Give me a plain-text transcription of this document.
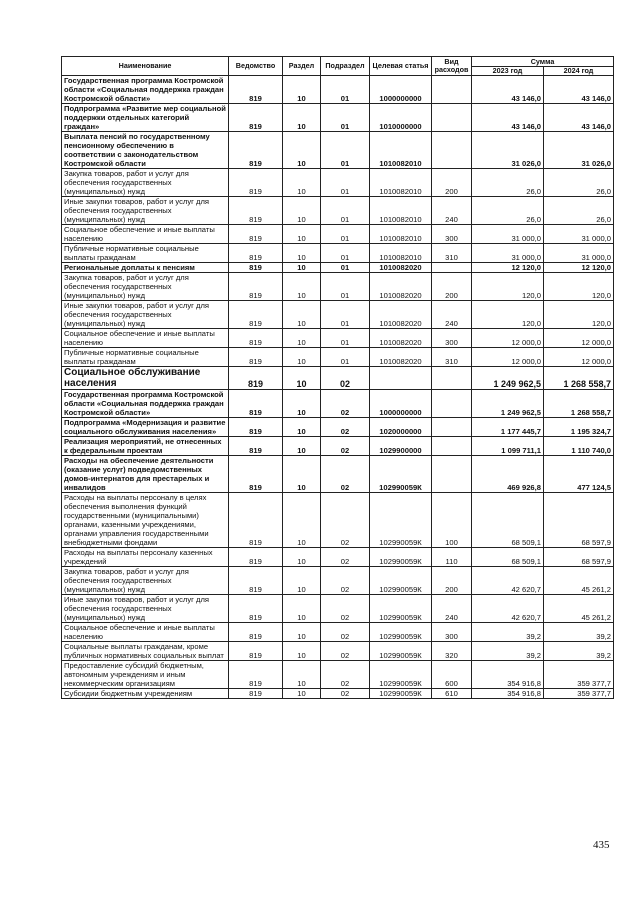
Наименование	Ведомство	Раздел	Подраздел	Целевая статья	Вид расходов	Сумма	
						2023 год	2024 год
Государственная программа Костромской области «Социальная поддержка граждан Костромской области»	819	10	01	1000000000		43 146,0	43 146,0
Подпрограмма «Развитие мер социальной поддержки отдельных категорий граждан»	819	10	01	1010000000		43 146,0	43 146,0
Выплата пенсий по государственному пенсионному обеспечению в соответствии с законодательством Костромской области	819	10	01	1010082010		31 026,0	31 026,0
Закупка товаров, работ и услуг для обеспечения государственных (муниципальных) нужд	819	10	01	1010082010	200	26,0	26,0
Иные закупки товаров, работ и услуг для обеспечения государственных (муниципальных) нужд	819	10	01	1010082010	240	26,0	26,0
Социальное обеспечение и иные выплаты населению	819	10	01	1010082010	300	31 000,0	31 000,0
Публичные нормативные социальные выплаты гражданам	819	10	01	1010082010	310	31 000,0	31 000,0
Региональные доплаты к пенсиям	819	10	01	1010082020		12 120,0	12 120,0
Закупка товаров, работ и услуг для обеспечения государственных (муниципальных) нужд	819	10	01	1010082020	200	120,0	120,0
Иные закупки товаров, работ и услуг для обеспечения государственных (муниципальных) нужд	819	10	01	1010082020	240	120,0	120,0
Социальное обеспечение и иные выплаты населению	819	10	01	1010082020	300	12 000,0	12 000,0
Публичные нормативные социальные выплаты гражданам	819	10	01	1010082020	310	12 000,0	12 000,0
Социальное обслуживание населения	819	10	02			1 249 962,5	1 268 558,7
Государственная программа Костромской области «Социальная поддержка граждан Костромской области»	819	10	02	1000000000		1 249 962,5	1 268 558,7
Подпрограмма «Модернизация и развитие социального обслуживания населения»	819	10	02	1020000000		1 177 445,7	1 195 324,7
Реализация мероприятий, не отнесенных к федеральным проектам	819	10	02	1029900000		1 099 711,1	1 110 740,0
Расходы на обеспечение деятельности (оказание услуг) подведомственных домов-интернатов для престарелых и инвалидов	819	10	02	102990059К		469 926,8	477 124,5
Расходы на выплаты персоналу в целях обеспечения выполнения функций государственными (муниципальными) органами, казенными учреждениями, органами управления государственными внебюджетными фондами	819	10	02	102990059К	100	68 509,1	68 597,9
Расходы на выплаты персоналу казенных учреждений	819	10	02	102990059К	110	68 509,1	68 597,9
Закупка товаров, работ и услуг для обеспечения государственных (муниципальных) нужд	819	10	02	102990059К	200	42 620,7	45 261,2
Иные закупки товаров, работ и услуг для обеспечения государственных (муниципальных) нужд	819	10	02	102990059К	240	42 620,7	45 261,2
Социальное обеспечение и иные выплаты населению	819	10	02	102990059К	300	39,2	39,2
Социальные выплаты гражданам, кроме публичных нормативных социальных выплат	819	10	02	102990059К	320	39,2	39,2
Предоставление субсидий бюджетным, автономным учреждениям и иным некоммерческим организациям	819	10	02	102990059К	600	354 916,8	359 377,7
Субсидии бюджетным учреждениям	819	10	02	102990059К	610	354 916,8	359 377,7
435
